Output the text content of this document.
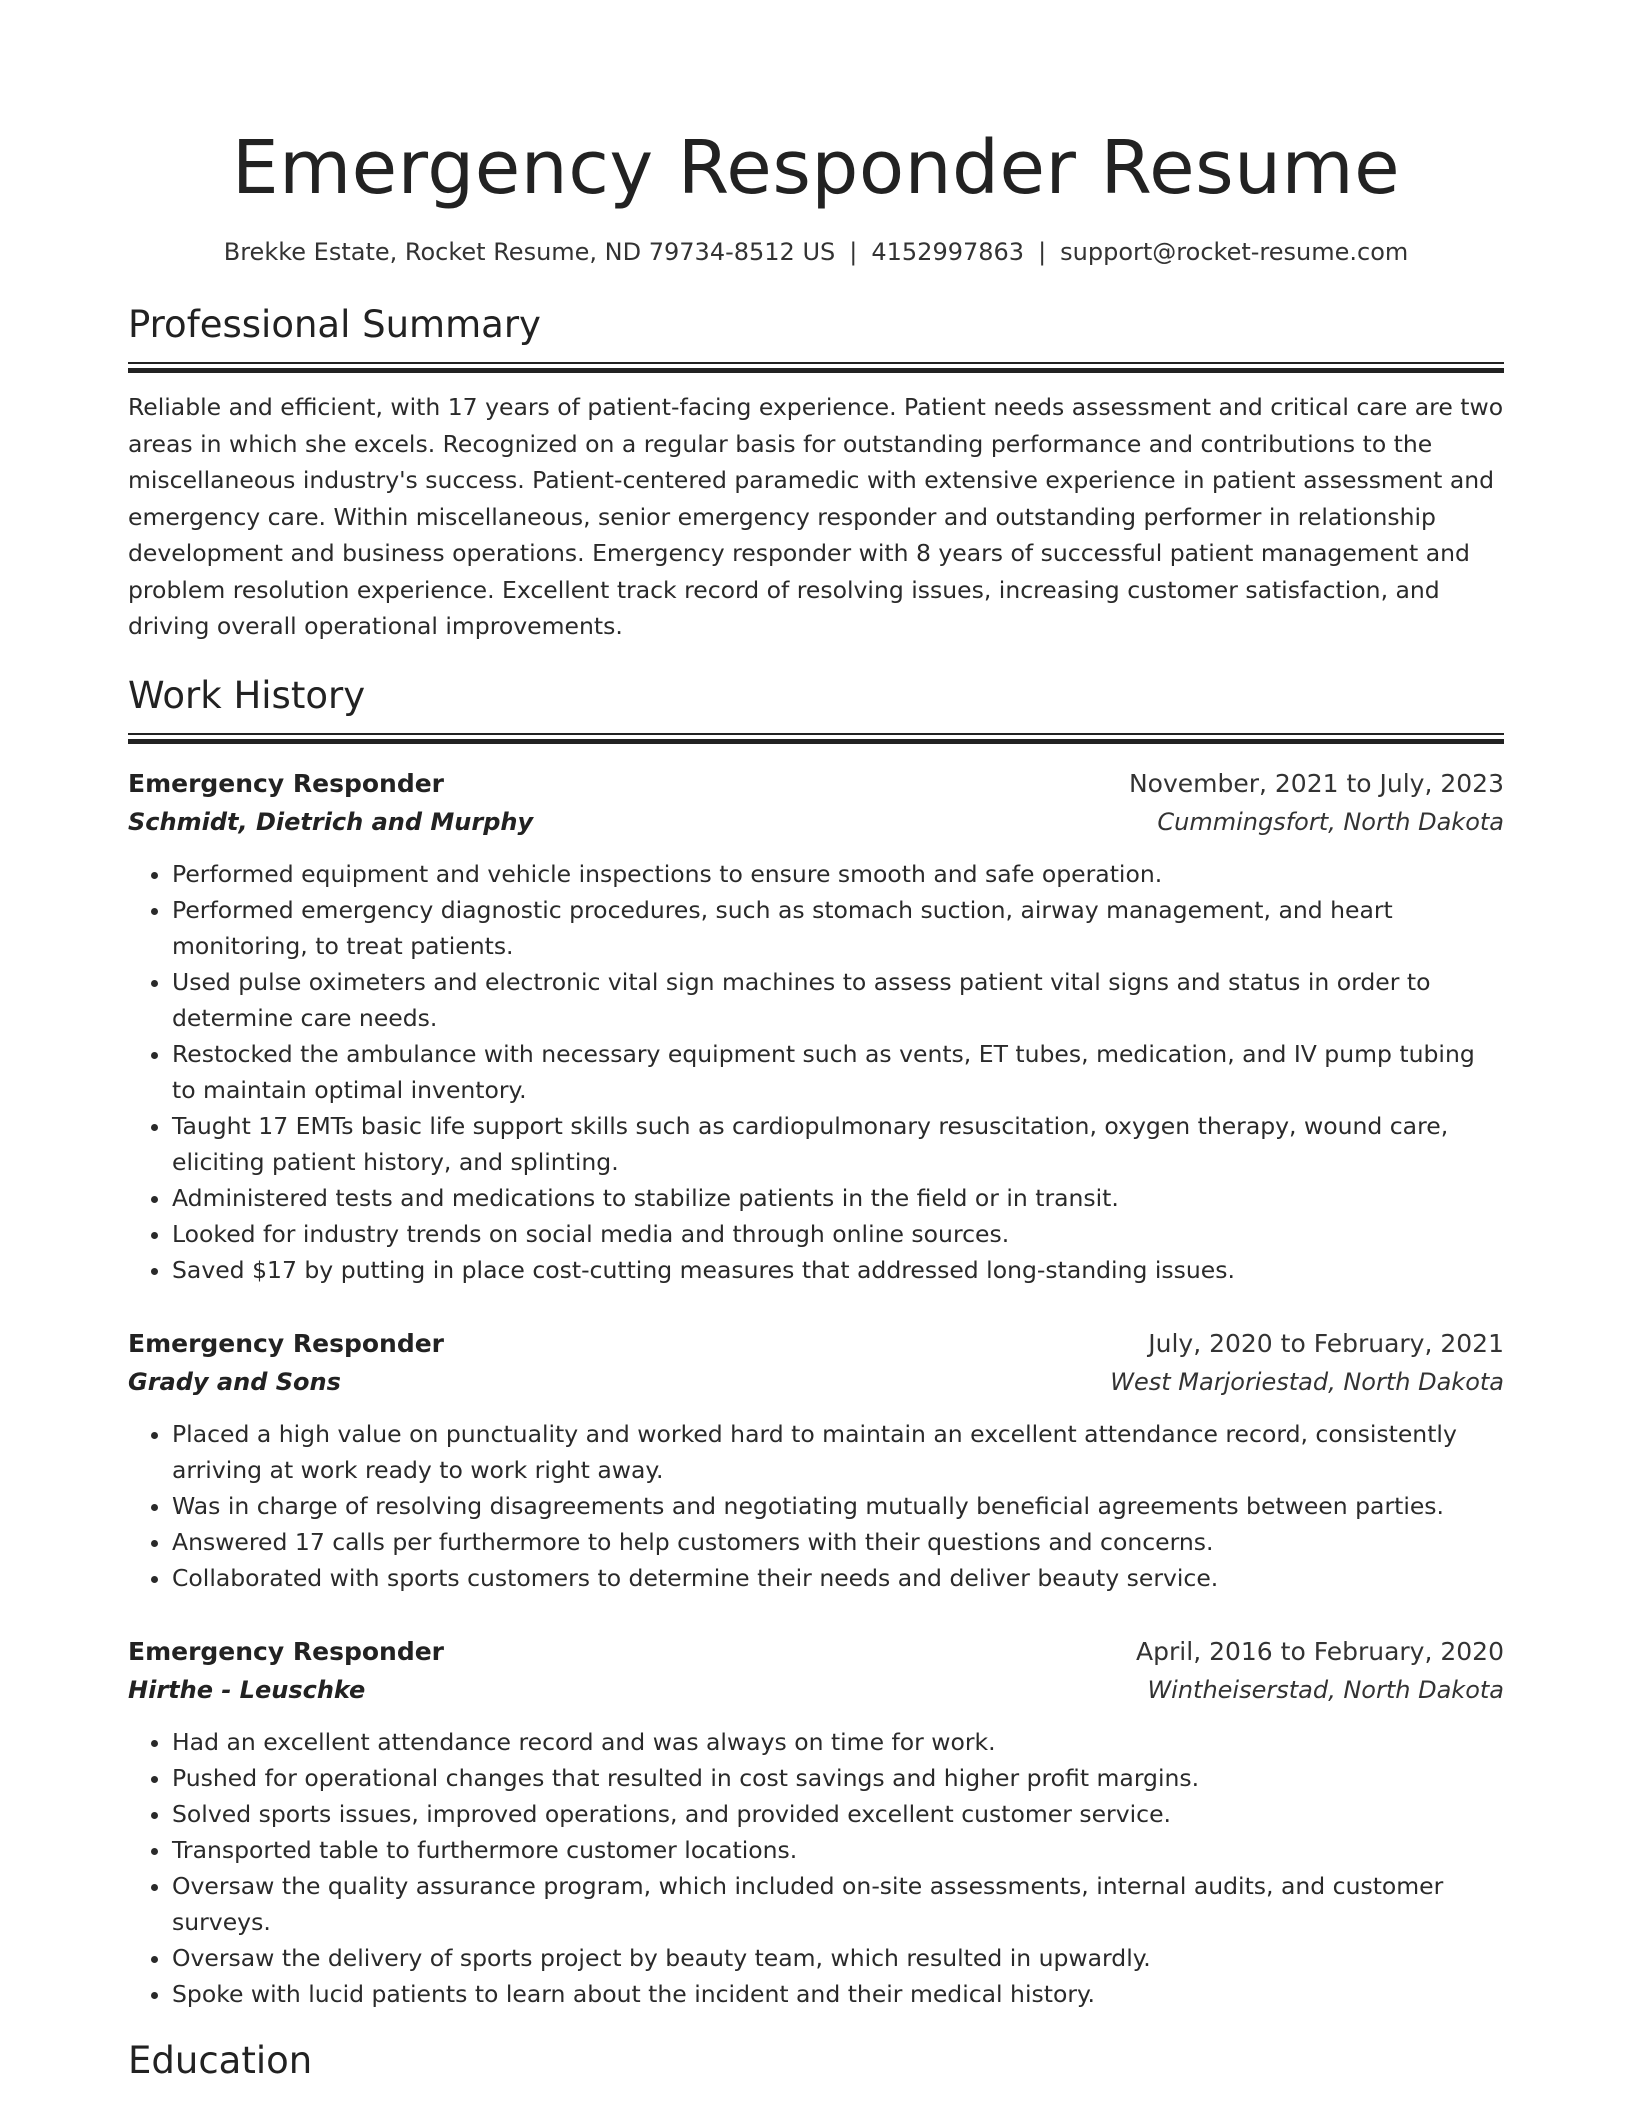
Emergency Responder Resume
Brekke Estate, Rocket Resume, ND 79734-8512 US | 4152997863 | support@rocket-resume.com
Professional Summary

Reliable and efficient, with 17 years of patient-facing experience. Patient needs assessment and critical care are two areas in which she excels. Recognized on a regular basis for outstanding performance and contributions to the miscellaneous industry's success. Patient-centered paramedic with extensive experience in patient assessment and emergency care. Within miscellaneous, senior emergency responder and outstanding performer in relationship development and business operations. Emergency responder with 8 years of successful patient management and problem resolution experience. Excellent track record of resolving issues, increasing customer satisfaction, and driving overall operational improvements.

Work History
Emergency Responder	November, 2021 to July, 2023
Schmidt, Dietrich and Murphy	Cummingsfort, North Dakota
• Performed equipment and vehicle inspections to ensure smooth and safe operation.
• Performed emergency diagnostic procedures, such as stomach suction, airway management, and heart monitoring, to treat patients.
• Used pulse oximeters and electronic vital sign machines to assess patient vital signs and status in order to determine care needs.
• Restocked the ambulance with necessary equipment such as vents, ET tubes, medication, and IV pump tubing to maintain optimal inventory.
• Taught 17 EMTs basic life support skills such as cardiopulmonary resuscitation, oxygen therapy, wound care, eliciting patient history, and splinting.
• Administered tests and medications to stabilize patients in the field or in transit.
• Looked for industry trends on social media and through online sources.
• Saved $17 by putting in place cost-cutting measures that addressed long-standing issues.
Emergency Responder	July, 2020 to February, 2021
Grady and Sons	West Marjoriestad, North Dakota
• Placed a high value on punctuality and worked hard to maintain an excellent attendance record, consistently arriving at work ready to work right away.
• Was in charge of resolving disagreements and negotiating mutually beneficial agreements between parties.
• Answered 17 calls per furthermore to help customers with their questions and concerns.
• Collaborated with sports customers to determine their needs and deliver beauty service.
Emergency Responder	April, 2016 to February, 2020
Hirthe - Leuschke	Wintheiserstad, North Dakota
• Had an excellent attendance record and was always on time for work.
• Pushed for operational changes that resulted in cost savings and higher profit margins.
• Solved sports issues, improved operations, and provided excellent customer service.
• Transported table to furthermore customer locations.
• Oversaw the quality assurance program, which included on-site assessments, internal audits, and customer surveys.
• Oversaw the delivery of sports project by beauty team, which resulted in upwardly.
• Spoke with lucid patients to learn about the incident and their medical history.
Education
